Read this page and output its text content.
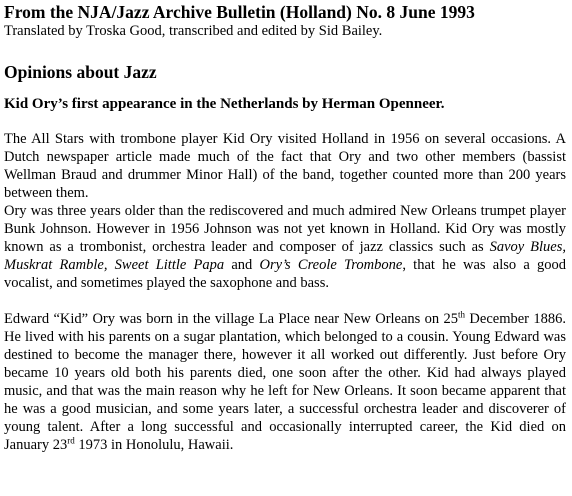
From the NJA/Jazz Archive Bulletin (Holland) No. 8 June 1993

Translated by Troska Good, transcribed and edited by Sid Bailey.

Opinions about Jazz

Kid Ory’s first appearance in the Netherlands by Herman Openneer.

The All Stars with trombone player Kid Ory visited Holland in 1956 on several occasions. A Dutch newspaper article made much of the fact that Ory and two other members (bassist Wellman Braud and drummer Minor Hall) of the band, together counted more than 200 years between them.

Ory was three years older than the rediscovered and much admired New Orleans trumpet player Bunk Johnson. However in 1956 Johnson was not yet known in Holland. Kid Ory was mostly known as a trombonist, orchestra leader and composer of jazz classics such as Savoy Blues, Muskrat Ramble, Sweet Little Papa and Ory’s Creole Trombone, that he was also a good vocalist, and sometimes played the saxophone and bass.

Edward “Kid” Ory was born in the village La Place near New Orleans on 25th December 1886. He lived with his parents on a sugar plantation, which belonged to a cousin. Young Edward was destined to become the manager there, however it all worked out differently. Just before Ory became 10 years old both his parents died, one soon after the other. Kid had always played music, and that was the main reason why he left for New Orleans. It soon became apparent that he was a good musician, and some years later, a successful orchestra leader and discoverer of young talent. After a long successful and occasionally interrupted career, the Kid died on January 23rd 1973 in Honolulu, Hawaii.
